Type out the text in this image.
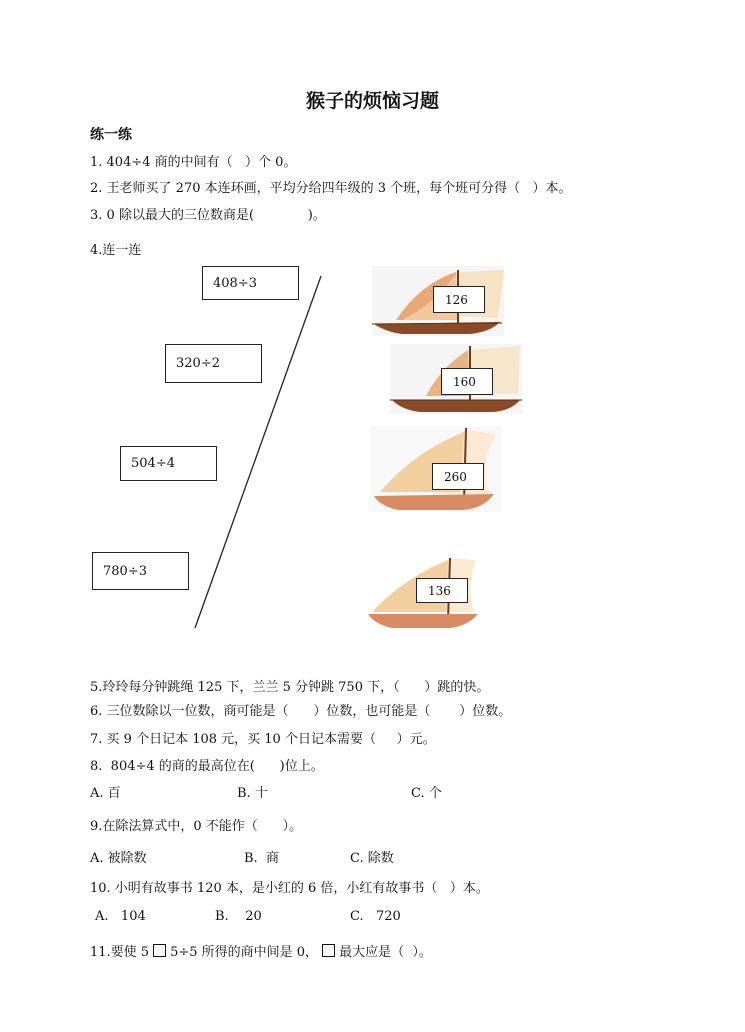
猴子的烦恼习题
练一练
1. 404÷4 商的中间有（   ）个 0。
2. 王老师买了 270 本连环画，平均分给四年级的 3 个班，每个班可分得（   ）本。
3. 0 除以最大的三位数商是(             )。
4.连一连
408÷3
320÷2
504÷4
780÷3
126
160
260
136
5.玲玲每分钟跳绳 125 下，兰兰 5 分钟跳 750 下，（      ）跳的快。
6. 三位数除以一位数，商可能是（      ）位数，也可能是（       ）位数。
7. 买 9 个日记本 108 元，买 10 个日记本需要（     ）元。
8.  804÷4 的商的最高位在(      )位上。
A. 百	B. 十	C. 个
9.在除法算式中，0 不能作（      ）。
A. 被除数	B.  商	C. 除数
10. 小明有故事书 120 本，是小红的 6 倍，小红有故事书（   ）本。
A.   104	B.    20	C.   720
11.要使 5 5÷5 所得的商中间是 0， 最大应是（  ）。
